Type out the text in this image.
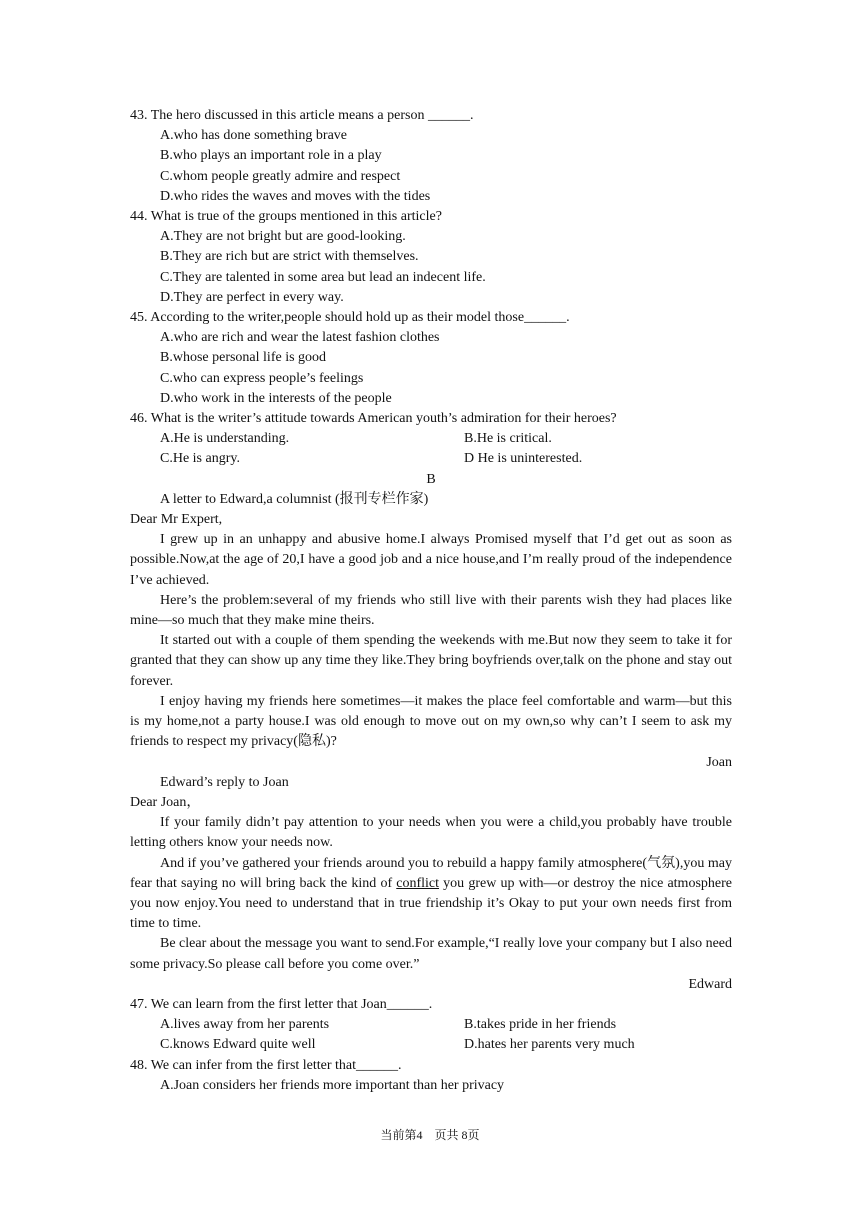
43. The hero discussed in this article means a person ______.
A.who has done something brave
B.who plays an important role in a play
C.whom people greatly admire and respect
D.who rides the waves and moves with the tides
44. What is true of the groups mentioned in this article?
A.They are not bright but are good-looking.
B.They are rich but are strict with themselves.
C.They are talented in some area but lead an indecent life.
D.They are perfect in every way.
45. According to the writer,people should hold up as their model those______.
A.who are rich and wear the latest fashion clothes
B.whose personal life is good
C.who can express people’s feelings
D.who work in the interests of the people
46. What is the writer’s attitude towards American youth’s admiration for their heroes?
A.He is understanding.	B.He is critical.
C.He is angry.	D He is uninterested.
B
A letter to Edward,a columnist (报刊专栏作家)
Dear Mr Expert,
I grew up in an unhappy and abusive home.I always Promised myself that I’d get out as soon as possible.Now,at the age of 20,I have a good job and a nice house,and I’m really proud of the independence I’ve achieved.
Here’s the problem:several of my friends who still live with their parents wish they had places like mine—so much that they make mine theirs.
It started out with a couple of them spending the weekends with me.But now they seem to take it for granted that they can show up any time they like.They bring boyfriends over,talk on the phone and stay out forever.
I enjoy having my friends here sometimes—it makes the place feel comfortable and warm—but this is my home,not a party house.I was old enough to move out on my own,so why can’t I seem to ask my friends to respect my privacy(隐私)?
Joan
Edward’s reply to Joan
Dear Joan，
If your family didn’t pay attention to your needs when you were a child,you probably have trouble letting others know your needs now.
And if you’ve gathered your friends around you to rebuild a happy family atmosphere(气氛),you may fear that saying no will bring back the kind of conflict you grew up with—or destroy the nice atmosphere you now enjoy.You need to understand that in true friendship it’s Okay to put your own needs first from time to time.
Be clear about the message you want to send.For example,“I really love your company but I also need some privacy.So please call before you come over.”
Edward
47. We can learn from the first letter that Joan______.
A.lives away from her parents	B.takes pride in her friends
C.knows Edward quite well	D.hates her parents very much
48. We can infer from the first letter that______.
A.Joan considers her friends more important than her privacy
当前第4　页共 8页
